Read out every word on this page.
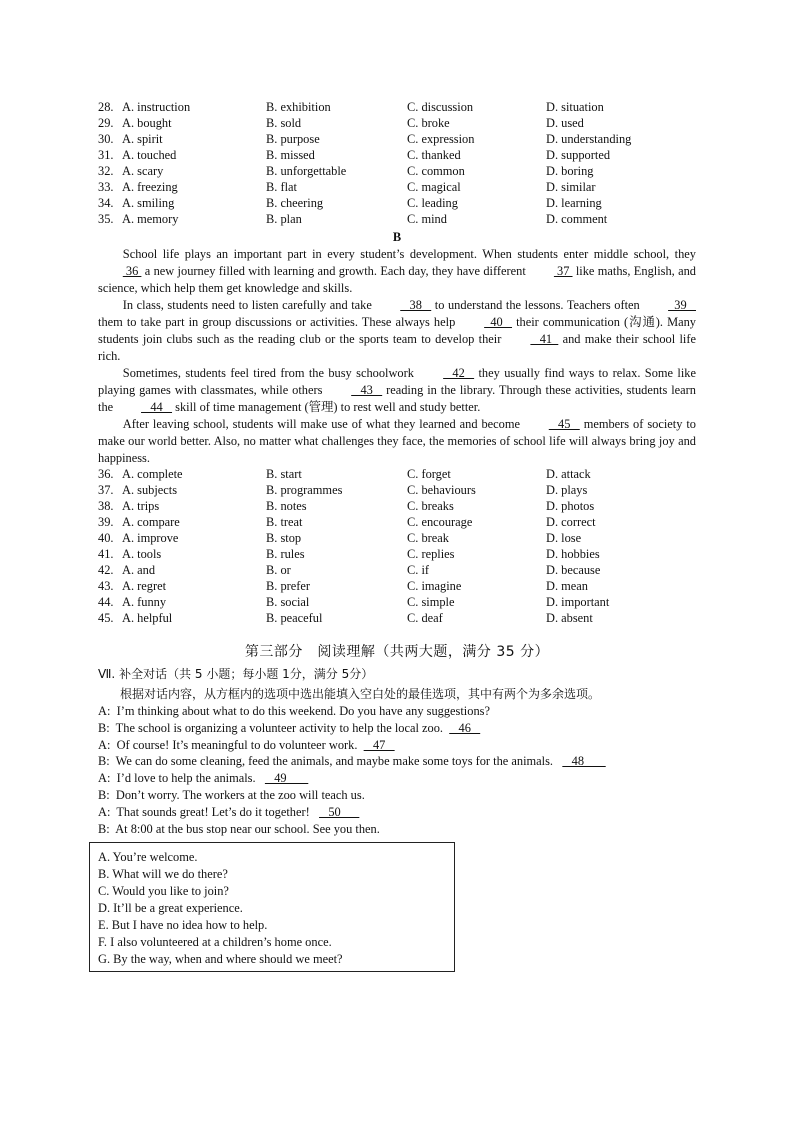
28. A. instruction	B. exhibition	C. discussion	D. situation
29. A. bought	B. sold	C. broke	D. used
30. A. spirit	B. purpose	C. expression	D. understanding
31. A. touched	B. missed	C. thanked	D. supported
32. A. scary	B. unforgettable	C. common	D. boring
33. A. freezing	B. flat	C. magical	D. similar
34. A. smiling	B. cheering	C. leading	D. learning
35. A. memory	B. plan	C. mind	D. comment
B

School life plays an important part in every student’s development. When students enter middle school, they  36  a new journey filled with learning and growth. Each day, they have different  37  like maths, English, and science, which help them get knowledge and skills.

In class, students need to listen carefully and take    38    to understand the lessons. Teachers often   39    them to take part in group discussions or activities. These always help   40    their communication (沟通). Many students join clubs such as the reading club or the sports team to develop their    41   and make their school life rich.

Sometimes, students feel tired from the busy schoolwork    42    they usually find ways to relax. Some like playing games with classmates, while others    43    reading in the library. Through these activities, students learn the    44    skill of time management (管理) to rest well and study better.

After leaving school, students will make use of what they learned and become    45    members of society to make our world better. Also, no matter what challenges they face, the memories of school life will always bring joy and happiness.

36. A. complete	B. start	C. forget	D. attack
37. A. subjects	B. programmes	C. behaviours	D. plays
38. A. trips	B. notes	C. breaks	D. photos
39. A. compare	B. treat	C. encourage	D. correct
40. A. improve	B. stop	C. break	D. lose
41. A. tools	B. rules	C. replies	D. hobbies
42. A. and	B. or	C. if	D. because
43. A. regret	B. prefer	C. imagine	D. mean
44. A. funny	B. social	C. simple	D. important
45. A. helpful	B. peaceful	C. deaf	D. absent
第三部分　阅读理解（共两大题，满分 35 分）
Ⅶ. 补全对话（共 5 小题；每小题 1分，满分 5分）
根据对话内容，从方框内的选项中选出能填入空白处的最佳选项，其中有两个为多余选项。
A:  I’m thinking about what to do this weekend. Do you have any suggestions?
B:  The school is organizing a volunteer activity to help the local zoo.     46
A:  Of course! It’s meaningful to do volunteer work.     47
B:  We can do some cleaning, feed the animals, and maybe make some toys for the animals.      48
A:  I’d love to help the animals.      49
B:  Don’t worry. The workers at the zoo will teach us.
A:  That sounds great! Let’s do it together!      50
B:  At 8:00 at the bus stop near our school. See you then.
A. You’re welcome.
B. What will we do there?
C. Would you like to join?
D. It’ll be a great experience.
E. But I have no idea how to help.
F. I also volunteered at a children’s home once.
G. By the way, when and where should we meet?
